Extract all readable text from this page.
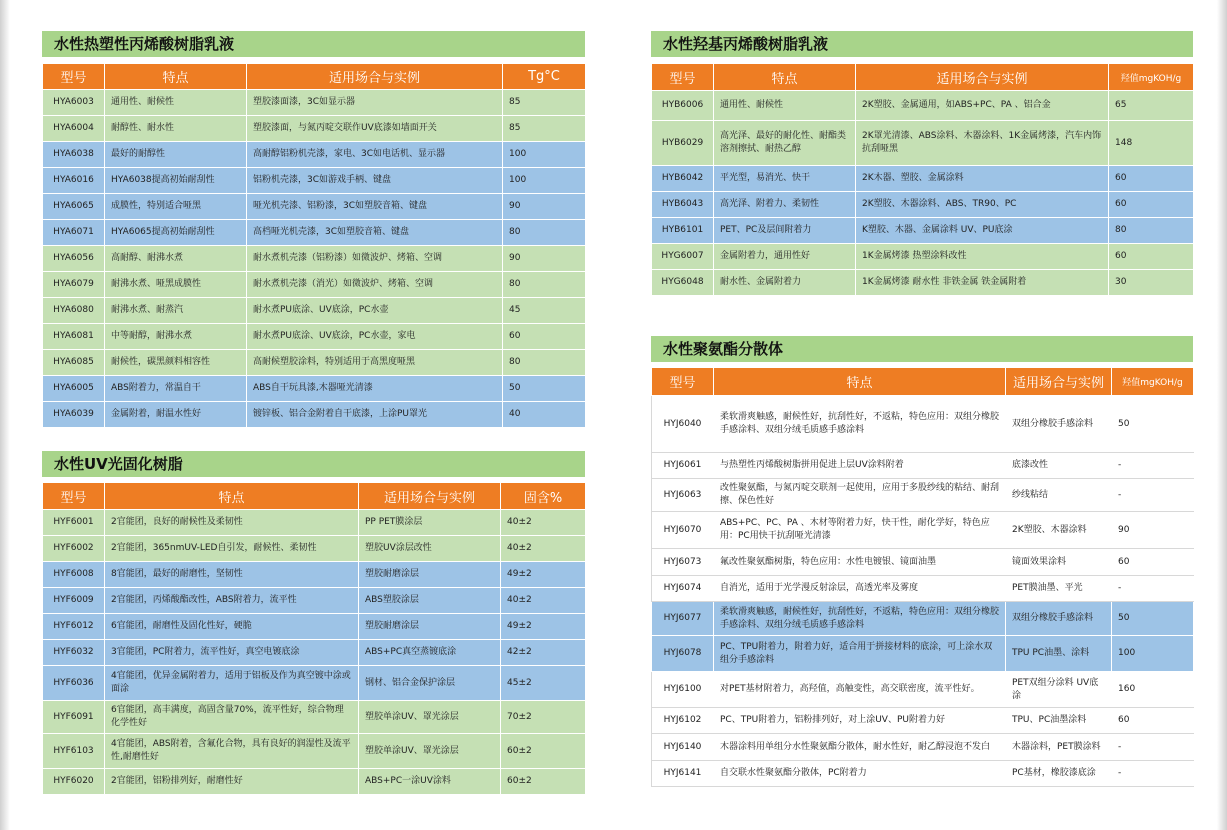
水性热塑性丙烯酸树脂乳液
型号	特点	适用场合与实例	Tg°C
HYA6003	通用性、耐候性	塑胶漆面漆，3C如显示器	85
HYA6004	耐醇性、耐水性	塑胶漆面，与氮丙啶交联作UV底漆如墙面开关	85
HYA6038	最好的耐醇性	高耐醇铝粉机壳漆，家电、3C如电话机、显示器	100
HYA6016	HYA6038提高初始耐刮性	铝粉机壳漆，3C如游戏手柄、键盘	100
HYA6065	成膜性，特别适合哑黑	哑光机壳漆、铝粉漆，3C如塑胶音箱、键盘	90
HYA6071	HYA6065提高初始耐刮性	高档哑光机壳漆，3C如塑胶音箱、键盘	80
HYA6056	高耐醇、耐沸水煮	耐水煮机壳漆（铝粉漆）如微波炉、烤箱、空调	90
HYA6079	耐沸水煮、哑黑成膜性	耐水煮机壳漆（消光）如微波炉、烤箱、空调	80
HYA6080	耐沸水煮、耐蒸汽	耐水煮PU底涂、UV底涂，PC水壶	45
HYA6081	中等耐醇，耐沸水煮	耐水煮PU底涂、UV底涂，PC水壶，家电	60
HYA6085	耐候性，碳黑颜料相容性	高耐候塑胶涂料，特别适用于高黑度哑黑	80
HYA6005	ABS附着力，常温自干	ABS自干玩具漆,木器哑光清漆	50
HYA6039	金属附着，耐温水性好	镀锌板、铝合金附着自干底漆，上涂PU罩光	40
水性UV光固化树脂
型号	特点	适用场合与实例	固含%
HYF6001	2官能团，良好的耐候性及柔韧性	PP PET膜涂层	40±2
HYF6002	2官能团，365nmUV-LED自引发，耐候性、柔韧性	塑胶UV涂层改性	40±2
HYF6008	8官能团，最好的耐磨性，坚韧性	塑胶耐磨涂层	49±2
HYF6009	2官能团，丙烯酸酯改性，ABS附着力，流平性	ABS塑胶涂层	40±2
HYF6012	6官能团，耐磨性及固化性好，硬脆	塑胶耐磨涂层	49±2
HYF6032	3官能团，PC附着力，流平性好，真空电镀底涂	ABS+PC真空蒸镀底涂	42±2
HYF6036	4官能团，优异金属附着力，适用于铝板及作为真空镀中涂或面涂	钢材、铝合金保护涂层	45±2
HYF6091	6官能团，高丰满度，高固含量70%，流平性好，综合物理化学性好	塑胶单涂UV、罩光涂层	70±2
HYF6103	4官能团，ABS附着，含氟化合物，具有良好的润湿性及流平性,耐磨性好	塑胶单涂UV、罩光涂层	60±2
HYF6020	2官能团，铝粉排列好，耐磨性好	ABS+PC一涂UV涂料	60±2
水性羟基丙烯酸树脂乳液
型号	特点	适用场合与实例	羟值mgKOH/g
HYB6006	通用性、耐候性	2K塑胶、金属通用，如ABS+PC、PA 、铝合金	65
HYB6029	高光泽、最好的耐化性、耐酯类溶剂擦拭、耐热乙醇	2K罩光清漆、ABS涂料、木器涂料、1K金属烤漆，汽车内饰抗刮哑黑	148
HYB6042	平光型，易消光、快干	2K木器、塑胶、金属涂料	60
HYB6043	高光泽、附着力、柔韧性	2K塑胶、木器涂料、ABS、TR90、PC	60
HYB6101	PET、PC及层间附着力	K塑胶、木器、金属涂料 UV、PU底涂	80
HYG6007	金属附着力，通用性好	1K金属烤漆 热塑涂料改性	60
HYG6048	耐水性、金属附着力	1K金属烤漆 耐水性 非铁金属 铁金属附着	30
水性聚氨酯分散体
型号	特点	适用场合与实例	羟值mgKOH/g
HYJ6040	柔软滑爽触感，耐候性好，抗刮性好，不返粘，特色应用：双组分橡胶手感涂料、双组分绒毛质感手感涂料	双组分橡胶手感涂料	50
HYJ6061	与热塑性丙烯酸树脂拼用促进上层UV涂料附着	底漆改性	-
HYJ6063	改性聚氨酯，与氮丙啶交联剂一起使用，应用于多股纱线的粘结、耐刮擦、保色性好	纱线粘结	-
HYJ6070	ABS+PC、PC、PA 、木材等附着力好，快干性，耐化学好，特色应用：PC用快干抗刮哑光清漆	2K塑胶、木器涂料	90
HYJ6073	氟改性聚氨酯树脂，特色应用：水性电镀银、镜面油墨	镜面效果涂料	60
HYJ6074	自消光，适用于光学漫反射涂层，高透光率及雾度	PET膜油墨、平光	-
HYJ6077	柔软滑爽触感，耐候性好，抗刮性好，不返粘，特色应用：双组分橡胶手感涂料、双组分绒毛质感手感涂料	双组分橡胶手感涂料	50
HYJ6078	PC、TPU附着力，附着力好，适合用于拼接材料的底涂，可上涂水双组分手感涂料	TPU PC油墨、涂料	100
HYJ6100	对PET基材附着力，高羟值，高触变性，高交联密度，流平性好。	PET双组分涂料 UV底涂	160
HYJ6102	PC、TPU附着力，铝粉排列好，对上涂UV、PU附着力好	TPU、PC油墨涂料	60
HYJ6140	木器涂料用单组分水性聚氨酯分散体，耐水性好，耐乙醇浸泡不发白	木器涂料，PET膜涂料	-
HYJ6141	自交联水性聚氨酯分散体，PC附着力	PC基材，橡胶漆底涂	-
